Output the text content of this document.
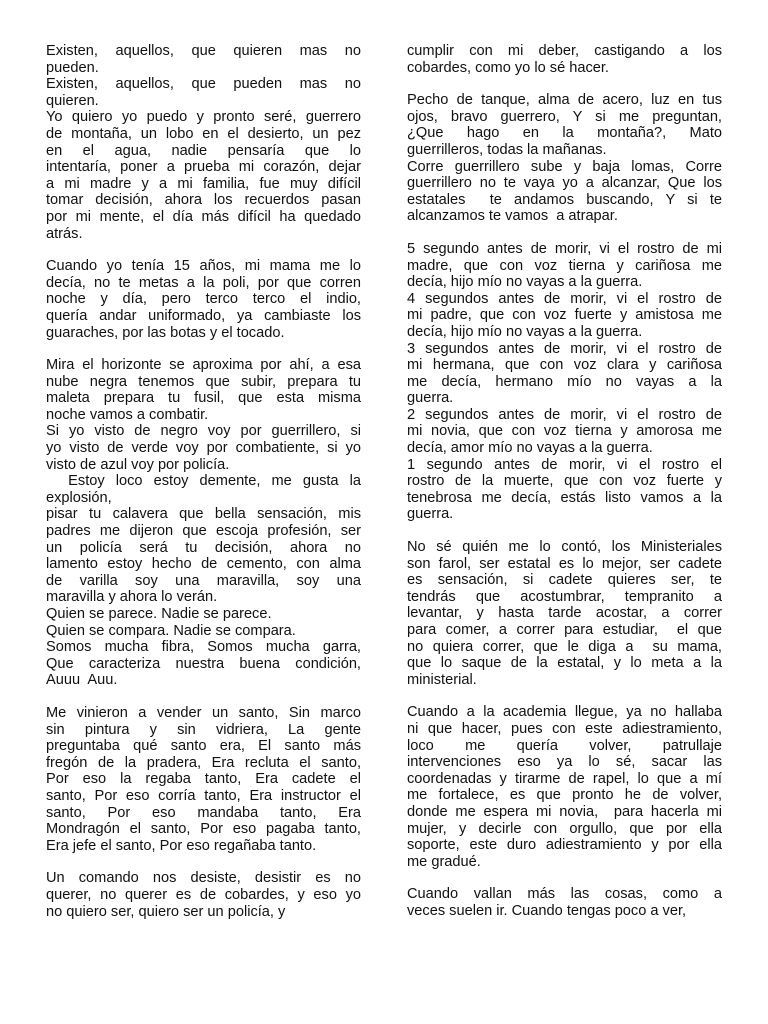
Existen, aquellos, que quieren mas no
pueden.
Existen, aquellos, que pueden mas no
quieren.
Yo quiero yo puedo y pronto seré, guerrero
de montaña, un lobo en el desierto, un pez
en el agua, nadie pensaría que lo
intentaría, poner a prueba mi corazón, dejar
a mi madre y a mi familia, fue muy difícil
tomar decisión, ahora los recuerdos pasan
por mi mente, el día más difícil ha quedado
atrás.
Cuando yo tenía 15 años, mi mama me lo
decía, no te metas a la poli, por que corren
noche y día, pero terco terco el indio,
quería andar uniformado, ya cambiaste los
guaraches, por las botas y el tocado.
Mira el horizonte se aproxima por ahí, a esa
nube negra tenemos que subir, prepara tu
maleta prepara tu fusil, que esta misma
noche vamos a combatir.
Si yo visto de negro voy por guerrillero, si
yo visto de verde voy por combatiente, si yo
visto de azul voy por policía.
Estoy loco estoy demente, me gusta la
explosión,
pisar tu calavera que bella sensación, mis
padres me dijeron que escoja profesión, ser
un policía será tu decisión, ahora no
lamento estoy hecho de cemento, con alma
de varilla soy una maravilla, soy una
maravilla y ahora lo verán.
Quien se parece. Nadie se parece.
Quien se compara. Nadie se compara.
Somos mucha fibra, Somos mucha garra,
Que caracteriza nuestra buena condición,
Auuu  Auu.
Me vinieron a vender un santo, Sin marco
sin pintura y sin vidriera, La gente
preguntaba qué santo era, El santo más
fregón de la pradera, Era recluta el santo,
Por eso la regaba tanto, Era cadete el
santo, Por eso corría tanto, Era instructor el
santo, Por eso mandaba tanto, Era
Mondragón el santo, Por eso pagaba tanto,
Era jefe el santo, Por eso regañaba tanto.
Un comando nos desiste, desistir es no
querer, no querer es de cobardes, y eso yo
no quiero ser, quiero ser un policía, y
cumplir con mi deber, castigando a los
cobardes, como yo lo sé hacer.
Pecho de tanque, alma de acero, luz en tus
ojos, bravo guerrero, Y si me preguntan,
¿Que hago en la montaña?, Mato
guerrilleros, todas la mañanas.
Corre guerrillero sube y baja lomas, Corre
guerrillero no te vaya yo a alcanzar, Que los
estatales  te andamos buscando, Y si te
alcanzamos te vamos  a atrapar.
5 segundo antes de morir, vi el rostro de mi
madre, que con voz tierna y cariñosa me
decía, hijo mío no vayas a la guerra.
4 segundos antes de morir, vi el rostro de
mi padre, que con voz fuerte y amistosa me
decía, hijo mío no vayas a la guerra.
3 segundos antes de morir, vi el rostro de
mi hermana, que con voz clara y cariñosa
me decía, hermano mío no vayas a la
guerra.
2 segundos antes de morir, vi el rostro de
mi novia, que con voz tierna y amorosa me
decía, amor mío no vayas a la guerra.
1 segundo antes de morir, vi el rostro el
rostro de la muerte, que con voz fuerte y
tenebrosa me decía, estás listo vamos a la
guerra.
No sé quién me lo contó, los Ministeriales
son farol, ser estatal es lo mejor, ser cadete
es sensación, si cadete quieres ser, te
tendrás que acostumbrar, tempranito a
levantar, y hasta tarde acostar, a correr
para comer, a correr para estudiar,  el que
no quiera correr, que le diga a  su mama,
que lo saque de la estatal, y lo meta a la
ministerial.
Cuando a la academia llegue, ya no hallaba
ni que hacer, pues con este adiestramiento,
loco me quería volver, patrullaje
intervenciones eso ya lo sé, sacar las
coordenadas y tirarme de rapel, lo que a mí
me fortalece, es que pronto he de volver,
donde me espera mi novia,  para hacerla mi
mujer, y decirle con orgullo, que por ella
soporte, este duro adiestramiento y por ella
me gradué.
Cuando vallan más las cosas, como a
veces suelen ir. Cuando tengas poco a ver,
